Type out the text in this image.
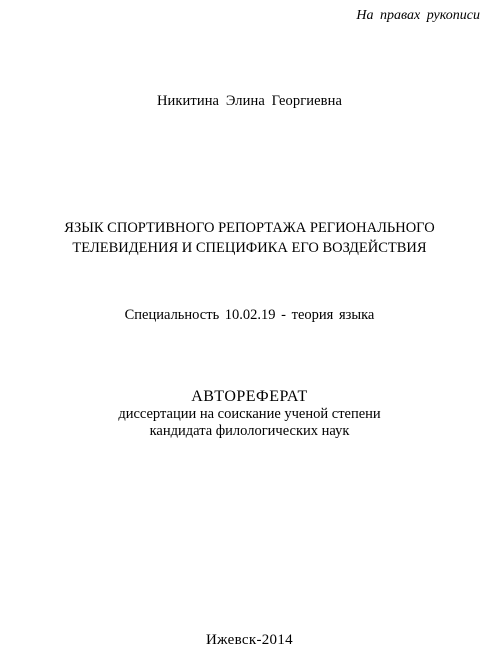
На правах рукописи
Никитина Элина Георгиевна
ЯЗЫК СПОРТИВНОГО РЕПОРТАЖА РЕГИОНАЛЬНОГО
ТЕЛЕВИДЕНИЯ И СПЕЦИФИКА ЕГО ВОЗДЕЙСТВИЯ
Специальность 10.02.19 - теория языка
АВТОРЕФЕРАТ
диссертации на соискание ученой степени
кандидата филологических наук
Ижевск-2014
